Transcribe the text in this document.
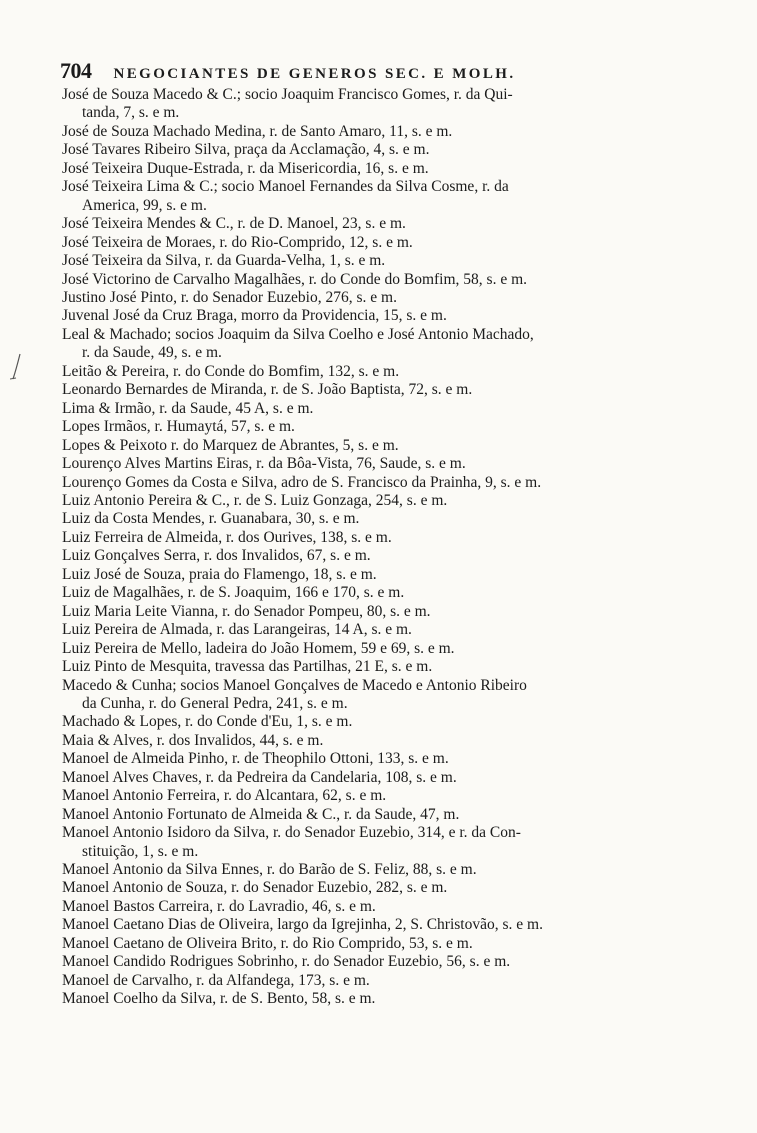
704 NEGOCIANTES DE GENEROS SEC. E MOLH.

José de Souza Macedo & C.; socio Joaquim Francisco Gomes, r. da Qui-
tanda, 7, s. e m.

José de Souza Machado Medina, r. de Santo Amaro, 11, s. e m.

José Tavares Ribeiro Silva, praça da Acclamação, 4, s. e m.

José Teixeira Duque-Estrada, r. da Misericordia, 16, s. e m.

José Teixeira Lima & C.; socio Manoel Fernandes da Silva Cosme, r. da
America, 99, s. e m.

José Teixeira Mendes & C., r. de D. Manoel, 23, s. e m.

José Teixeira de Moraes, r. do Rio-Comprido, 12, s. e m.

José Teixeira da Silva, r. da Guarda-Velha, 1, s. e m.

José Victorino de Carvalho Magalhães, r. do Conde do Bomfim, 58, s. e m.

Justino José Pinto, r. do Senador Euzebio, 276, s. e m.

Juvenal José da Cruz Braga, morro da Providencia, 15, s. e m.

Leal & Machado; socios Joaquim da Silva Coelho e José Antonio Machado,
r. da Saude, 49, s. e m.

Leitão & Pereira, r. do Conde do Bomfim, 132, s. e m.

Leonardo Bernardes de Miranda, r. de S. João Baptista, 72, s. e m.

Lima & Irmão, r. da Saude, 45 A, s. e m.

Lopes Irmãos, r. Humaytá, 57, s. e m.

Lopes & Peixoto r. do Marquez de Abrantes, 5, s. e m.

Lourenço Alves Martins Eiras, r. da Bôa-Vista, 76, Saude, s. e m.

Lourenço Gomes da Costa e Silva, adro de S. Francisco da Prainha, 9, s. e m.

Luiz Antonio Pereira & C., r. de S. Luiz Gonzaga, 254, s. e m.

Luiz da Costa Mendes, r. Guanabara, 30, s. e m.

Luiz Ferreira de Almeida, r. dos Ourives, 138, s. e m.

Luiz Gonçalves Serra, r. dos Invalidos, 67, s. e m.

Luiz José de Souza, praia do Flamengo, 18, s. e m.

Luiz de Magalhães, r. de S. Joaquim, 166 e 170, s. e m.

Luiz Maria Leite Vianna, r. do Senador Pompeu, 80, s. e m.

Luiz Pereira de Almada, r. das Larangeiras, 14 A, s. e m.

Luiz Pereira de Mello, ladeira do João Homem, 59 e 69, s. e m.

Luiz Pinto de Mesquita, travessa das Partilhas, 21 E, s. e m.

Macedo & Cunha; socios Manoel Gonçalves de Macedo e Antonio Ribeiro
da Cunha, r. do General Pedra, 241, s. e m.

Machado & Lopes, r. do Conde d'Eu, 1, s. e m.

Maia & Alves, r. dos Invalidos, 44, s. e m.

Manoel de Almeida Pinho, r. de Theophilo Ottoni, 133, s. e m.

Manoel Alves Chaves, r. da Pedreira da Candelaria, 108, s. e m.

Manoel Antonio Ferreira, r. do Alcantara, 62, s. e m.

Manoel Antonio Fortunato de Almeida & C., r. da Saude, 47, m.

Manoel Antonio Isidoro da Silva, r. do Senador Euzebio, 314, e r. da Con-
stituição, 1, s. e m.

Manoel Antonio da Silva Ennes, r. do Barão de S. Feliz, 88, s. e m.

Manoel Antonio de Souza, r. do Senador Euzebio, 282, s. e m.

Manoel Bastos Carreira, r. do Lavradio, 46, s. e m.

Manoel Caetano Dias de Oliveira, largo da Igrejinha, 2, S. Christovão, s. e m.

Manoel Caetano de Oliveira Brito, r. do Rio Comprido, 53, s. e m.

Manoel Candido Rodrigues Sobrinho, r. do Senador Euzebio, 56, s. e m.

Manoel de Carvalho, r. da Alfandega, 173, s. e m.

Manoel Coelho da Silva, r. de S. Bento, 58, s. e m.
